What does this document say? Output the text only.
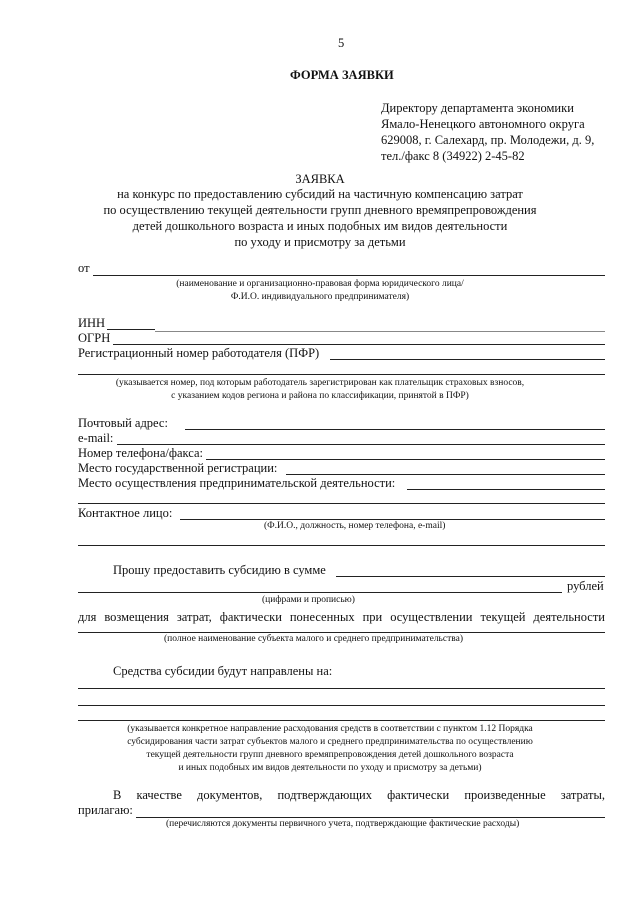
5
ФОРМА ЗАЯВКИ
Директору департамента экономики
Ямало-Ненецкого автономного округа
629008, г. Салехард, пр. Молодежи, д. 9,
тел./факс 8 (34922) 2-45-82
ЗАЯВКА
на конкурс по предоставлению субсидий на частичную компенсацию затрат
по осуществлению текущей деятельности групп дневного времяпрепровождения
детей дошкольного возраста и иных подобных им видов деятельности
по уходу и присмотру за детьми
от
(наименование и организационно-правовая форма юридического лица/
Ф.И.О. индивидуального предпринимателя)
ИНН
ОГРН
Регистрационный номер работодателя (ПФР)
(указывается номер, под которым работодатель зарегистрирован как плательщик страховых взносов,
с указанием кодов региона и района по классификации, принятой в ПФР)
Почтовый адрес:
e-mail:
Номер телефона/факса:
Место государственной регистрации:
Место осуществления предпринимательской деятельности:
Контактное лицо:
(Ф.И.О., должность, номер телефона, e-mail)
Прошу предоставить субсидию в сумме
рублей
(цифрами и прописью)
для возмещения затрат, фактически понесенных при осуществлении текущей деятельности
(полное наименование субъекта малого и среднего предпринимательства)
Средства субсидии будут направлены на:
(указывается конкретное направление расходования средств в соответствии с пунктом 1.12 Порядка
субсидирования части затрат субъектов малого и среднего предпринимательства по осуществлению
текущей деятельности групп дневного времяпрепровождения детей дошкольного возраста
и иных подобных им видов деятельности по уходу и присмотру за детьми)
В качестве документов, подтверждающих фактически произведенные затраты,
прилагаю:
(перечисляются документы первичного учета, подтверждающие фактические расходы)
